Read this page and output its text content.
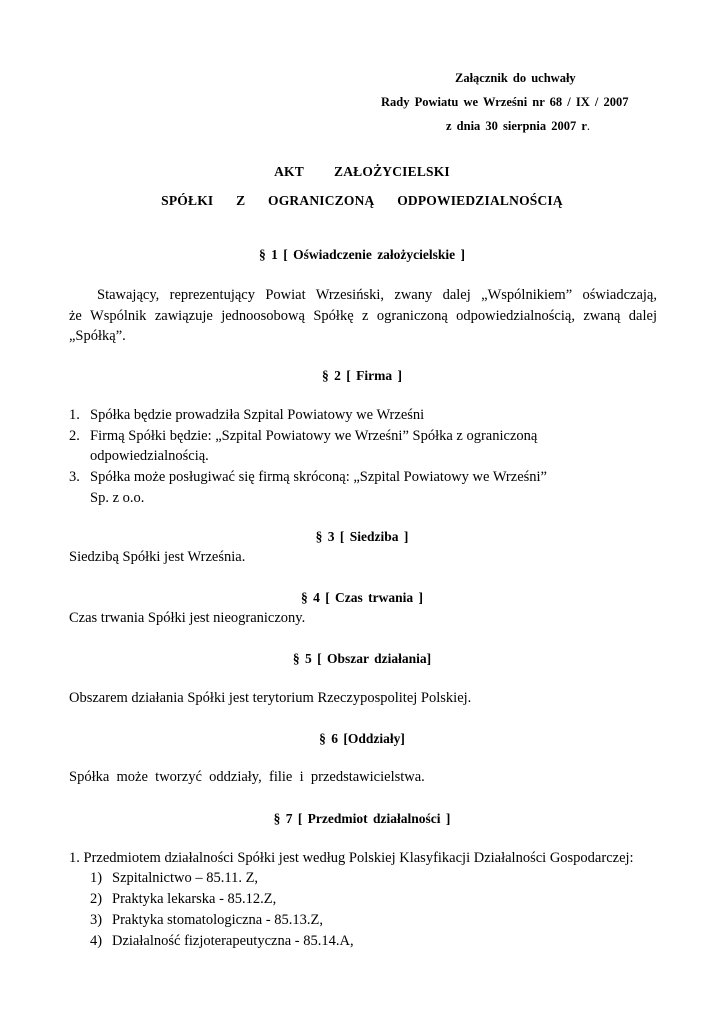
Załącznik do uchwały
Rady Powiatu we Wrześni nr 68 / IX / 2007
z dnia 30 sierpnia 2007 r.
AKT    ZAŁOŻYCIELSKI
SPÓŁKI   Z   OGRANICZONĄ   ODPOWIEDZIALNOŚCIĄ
§ 1 [ Oświadczenie założycielskie ]
Stawający, reprezentujący Powiat Wrzesiński, zwany dalej „Wspólnikiem” oświadczają,
że Wspólnik zawiązuje jednoosobową Spółkę z ograniczoną odpowiedzialnością, zwaną dalej
„Spółką”.
§ 2 [ Firma ]
1. Spółka będzie prowadziła Szpital Powiatowy we Wrześni
2. Firmą Spółki będzie: „Szpital Powiatowy we Wrześni” Spółka z ograniczoną
odpowiedzialnością.
3. Spółka może posługiwać się firmą skróconą: „Szpital Powiatowy we Wrześni”
Sp. z o.o.
§ 3 [ Siedziba ]
Siedzibą Spółki jest Września.
§ 4 [ Czas trwania ]
Czas trwania Spółki jest nieograniczony.
§ 5 [ Obszar działania]
Obszarem działania Spółki jest terytorium Rzeczypospolitej Polskiej.
§ 6 [Oddziały]
Spółka  może  tworzyć  oddziały,  filie  i  przedstawicielstwa.
§ 7 [ Przedmiot działalności ]
1. Przedmiotem działalności Spółki jest według Polskiej Klasyfikacji Działalności Gospodarczej:
1) Szpitalnictwo – 85.11. Z,
2) Praktyka lekarska - 85.12.Z,
3) Praktyka stomatologiczna - 85.13.Z,
4) Działalność fizjoterapeutyczna - 85.14.A,
